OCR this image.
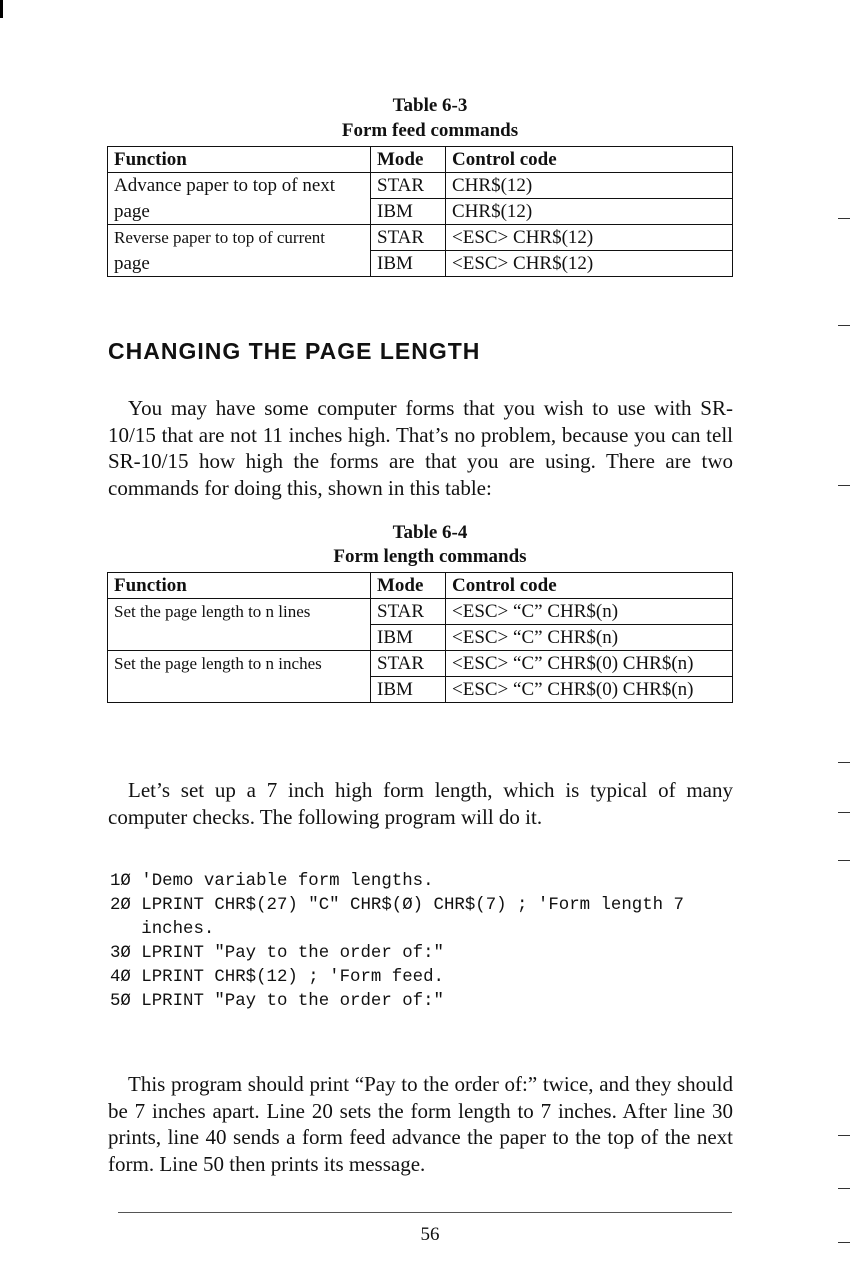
Table 6-3
Form feed commands
Function	Mode	Control code
Advance paper to top of next	STAR	CHR$(12)
page	IBM	CHR$(12)
Reverse paper to top of current	STAR	<ESC> CHR$(12)
page	IBM	<ESC> CHR$(12)
CHANGING THE PAGE LENGTH

You may have some computer forms that you wish to use with SR-10/15 that are not 11 inches high. That’s no problem, because you can tell SR-10/15 how high the forms are that you are using. There are two commands for doing this, shown in this table:

Table 6-4
Form length commands
Function	Mode	Control code
Set the page length to n lines	STAR	<ESC> “C” CHR$(n)
	IBM	<ESC> “C” CHR$(n)
Set the page length to n inches	STAR	<ESC> “C” CHR$(0) CHR$(n)
	IBM	<ESC> “C” CHR$(0) CHR$(n)

Let’s set up a 7 inch high form length, which is typical of many computer checks. The following program will do it.

1Ø 'Demo variable form lengths.
2Ø LPRINT CHR$(27) "C" CHR$(Ø) CHR$(7) ; 'Form length 7
inches.
3Ø LPRINT "Pay to the order of:"
4Ø LPRINT CHR$(12) ; 'Form feed.
5Ø LPRINT "Pay to the order of:"

This program should print “Pay to the order of:” twice, and they should be 7 inches apart. Line 20 sets the form length to 7 inches. After line 30 prints, line 40 sends a form feed advance the paper to the top of the next form. Line 50 then prints its message.

56
